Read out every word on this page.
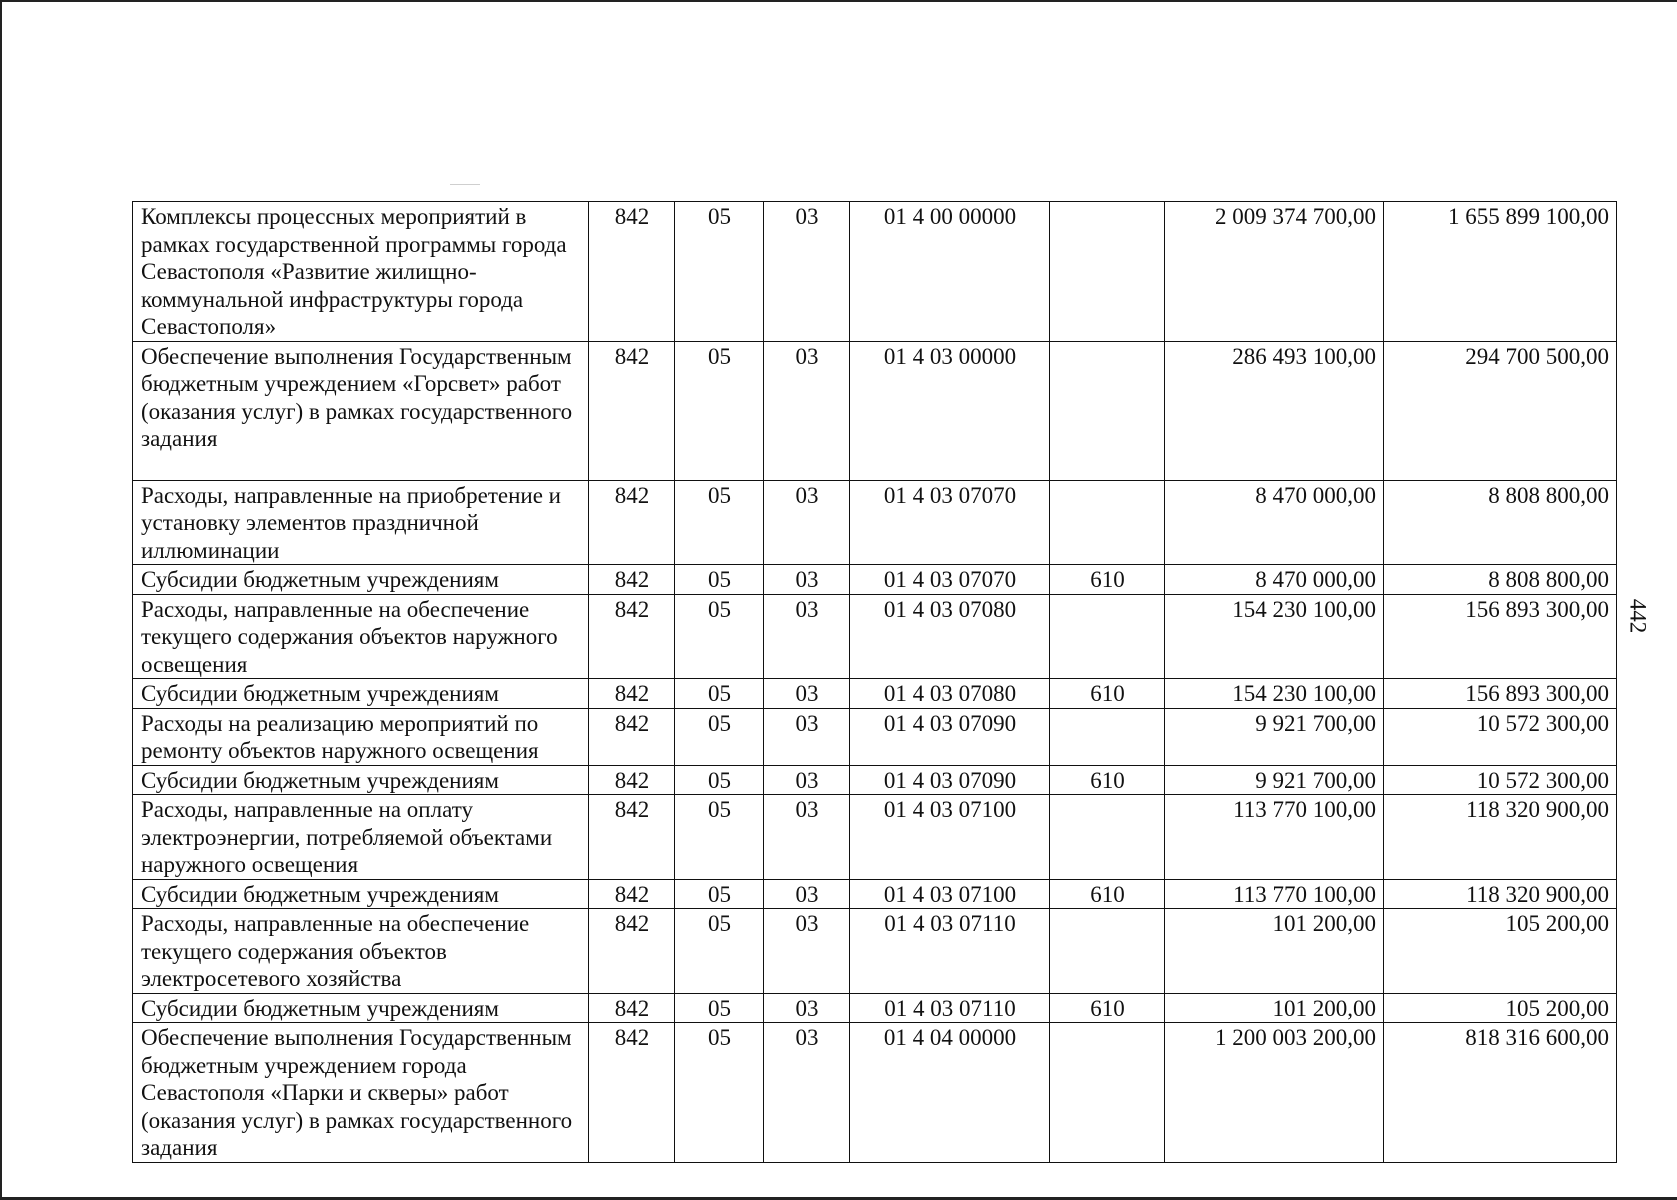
Комплексы процессных мероприятий в рамках государственной программы города Севастополя «Развитие жилищно-коммунальной инфраструктуры города Севастополя»	842	05	03	01 4 00 00000		2 009 374 700,00	1 655 899 100,00
Обеспечение выполнения Государственным бюджетным учреждением «Горсвет» работ (оказания услуг) в рамках государственного задания	842	05	03	01 4 03 00000		286 493 100,00	294 700 500,00
Расходы, направленные на приобретение и установку элементов праздничной иллюминации	842	05	03	01 4 03 07070		8 470 000,00	8 808 800,00
Субсидии бюджетным учреждениям	842	05	03	01 4 03 07070	610	8 470 000,00	8 808 800,00
Расходы, направленные на обеспечение текущего содержания объектов наружного освещения	842	05	03	01 4 03 07080		154 230 100,00	156 893 300,00
Субсидии бюджетным учреждениям	842	05	03	01 4 03 07080	610	154 230 100,00	156 893 300,00
Расходы на реализацию мероприятий по ремонту объектов наружного освещения	842	05	03	01 4 03 07090		9 921 700,00	10 572 300,00
Субсидии бюджетным учреждениям	842	05	03	01 4 03 07090	610	9 921 700,00	10 572 300,00
Расходы, направленные на оплату электроэнергии, потребляемой объектами наружного освещения	842	05	03	01 4 03 07100		113 770 100,00	118 320 900,00
Субсидии бюджетным учреждениям	842	05	03	01 4 03 07100	610	113 770 100,00	118 320 900,00
Расходы, направленные на обеспечение текущего содержания объектов электросетевого хозяйства	842	05	03	01 4 03 07110		101 200,00	105 200,00
Субсидии бюджетным учреждениям	842	05	03	01 4 03 07110	610	101 200,00	105 200,00
Обеспечение выполнения Государственным бюджетным учреждением города Севастополя «Парки и скверы» работ (оказания услуг) в рамках государственного задания	842	05	03	01 4 04 00000		1 200 003 200,00	818 316 600,00
442
